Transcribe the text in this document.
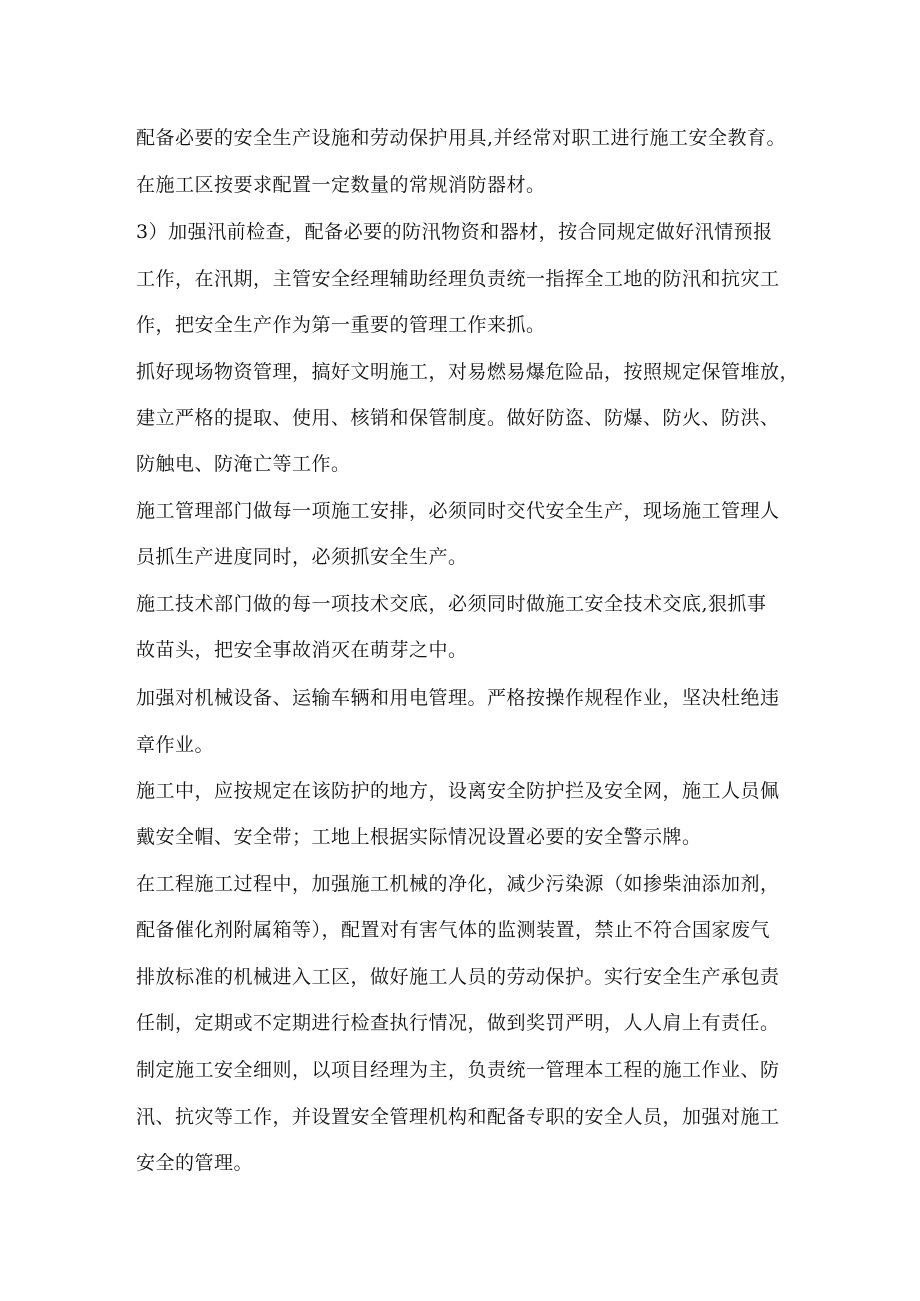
配备必要的安全生产设施和劳动保护用具,并经常对职工进行施工安全教育。

在施工区按要求配置一定数量的常规消防器材。

3）加强汛前检查，配备必要的防汛物资和器材，按合同规定做好汛情预报

工作，在汛期，主管安全经理辅助经理负责统一指挥全工地的防汛和抗灾工

作，把安全生产作为第一重要的管理工作来抓。

抓好现场物资管理，搞好文明施工，对易燃易爆危险品，按照规定保管堆放，

建立严格的提取、使用、核销和保管制度。做好防盗、防爆、防火、防洪、

防触电、防淹亡等工作。

施工管理部门做每一项施工安排，必须同时交代安全生产，现场施工管理人

员抓生产进度同时，必须抓安全生产。

施工技术部门做的每一项技术交底，必须同时做施工安全技术交底,狠抓事

故苗头，把安全事故消灭在萌芽之中。

加强对机械设备、运输车辆和用电管理。严格按操作规程作业，坚决杜绝违

章作业。

施工中，应按规定在该防护的地方，设离安全防护拦及安全网，施工人员佩

戴安全帽、安全带；工地上根据实际情况设置必要的安全警示牌。

在工程施工过程中，加强施工机械的净化，减少污染源（如掺柴油添加剂，

配备催化剂附属箱等），配置对有害气体的监测装置，禁止不符合国家废气

排放标准的机械进入工区，做好施工人员的劳动保护。实行安全生产承包责

任制，定期或不定期进行检查执行情况，做到奖罚严明，人人肩上有责任。

制定施工安全细则，以项目经理为主，负责统一管理本工程的施工作业、防

汛、抗灾等工作，并设置安全管理机构和配备专职的安全人员，加强对施工

安全的管理。
